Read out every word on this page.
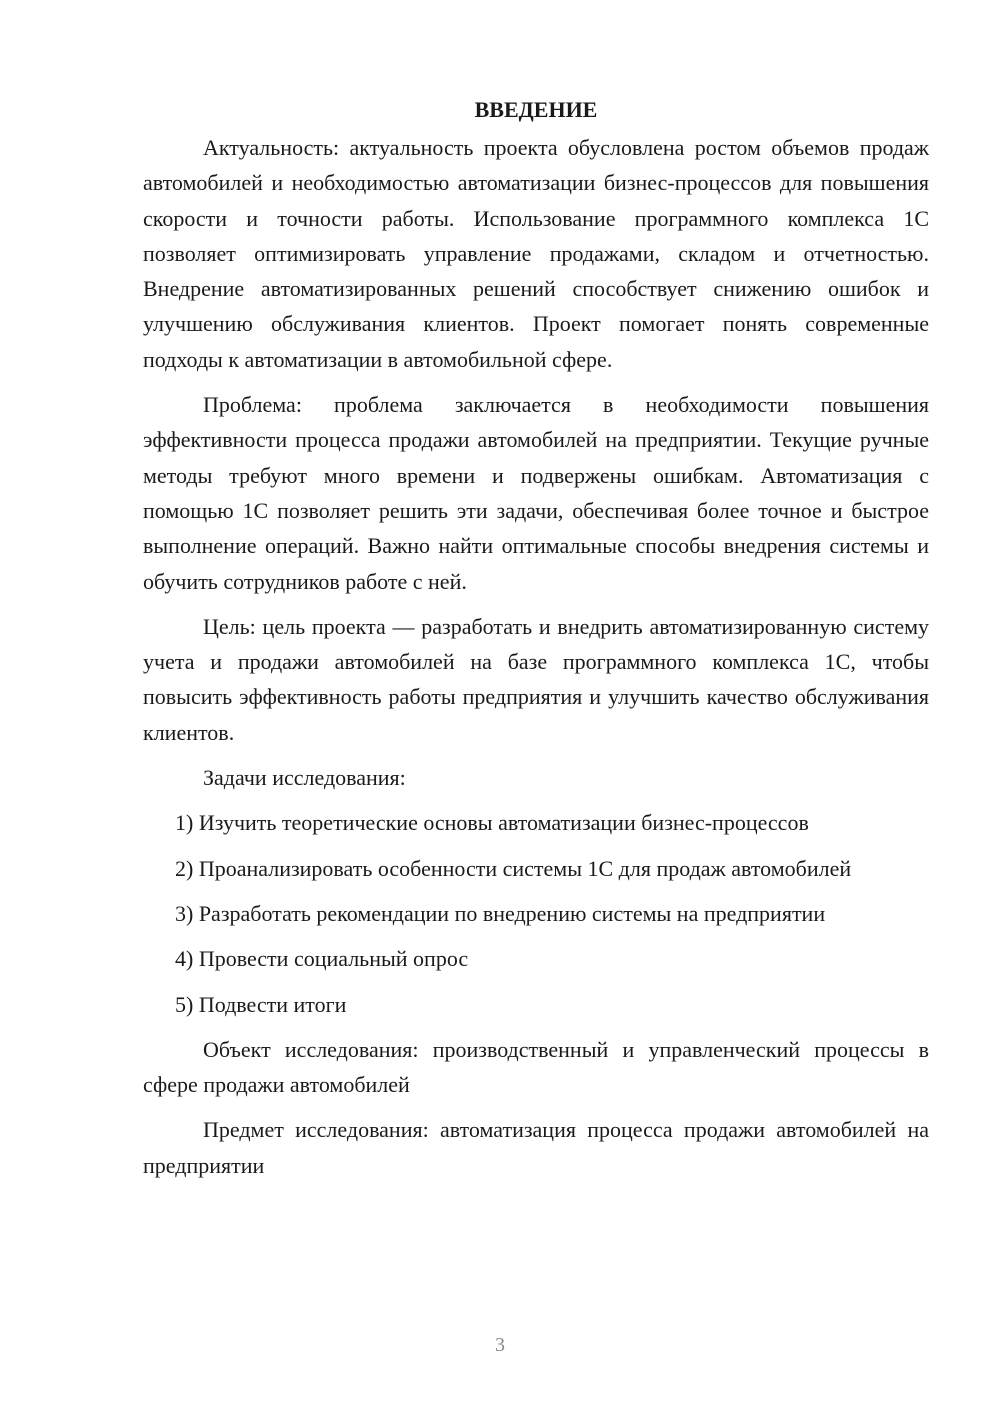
ВВЕДЕНИЕ

Актуальность: актуальность проекта обусловлена ростом объемов продаж автомобилей и необходимостью автоматизации бизнес-процессов для повышения скорости и точности работы. Использование программного комплекса 1С позволяет оптимизировать управление продажами, складом и отчетностью. Внедрение автоматизированных решений способствует снижению ошибок и улучшению обслуживания клиентов. Проект помогает понять современные подходы к автоматизации в автомобильной сфере.

Проблема: проблема заключается в необходимости повышения эффективности процесса продажи автомобилей на предприятии. Текущие ручные методы требуют много времени и подвержены ошибкам. Автоматизация с помощью 1С позволяет решить эти задачи, обеспечивая более точное и быстрое выполнение операций. Важно найти оптимальные способы внедрения системы и обучить сотрудников работе с ней.

Цель: цель проекта — разработать и внедрить автоматизированную систему учета и продажи автомобилей на базе программного комплекса 1С, чтобы повысить эффективность работы предприятия и улучшить качество обслуживания клиентов.

Задачи исследования:

1) Изучить теоретические основы автоматизации бизнес-процессов

2) Проанализировать особенности системы 1С для продаж автомобилей

3) Разработать рекомендации по внедрению системы на предприятии

4) Провести социальный опрос

5) Подвести итоги

Объект исследования: производственный и управленческий процессы в сфере продажи автомобилей

Предмет исследования: автоматизация процесса продажи автомобилей на предприятии

3
